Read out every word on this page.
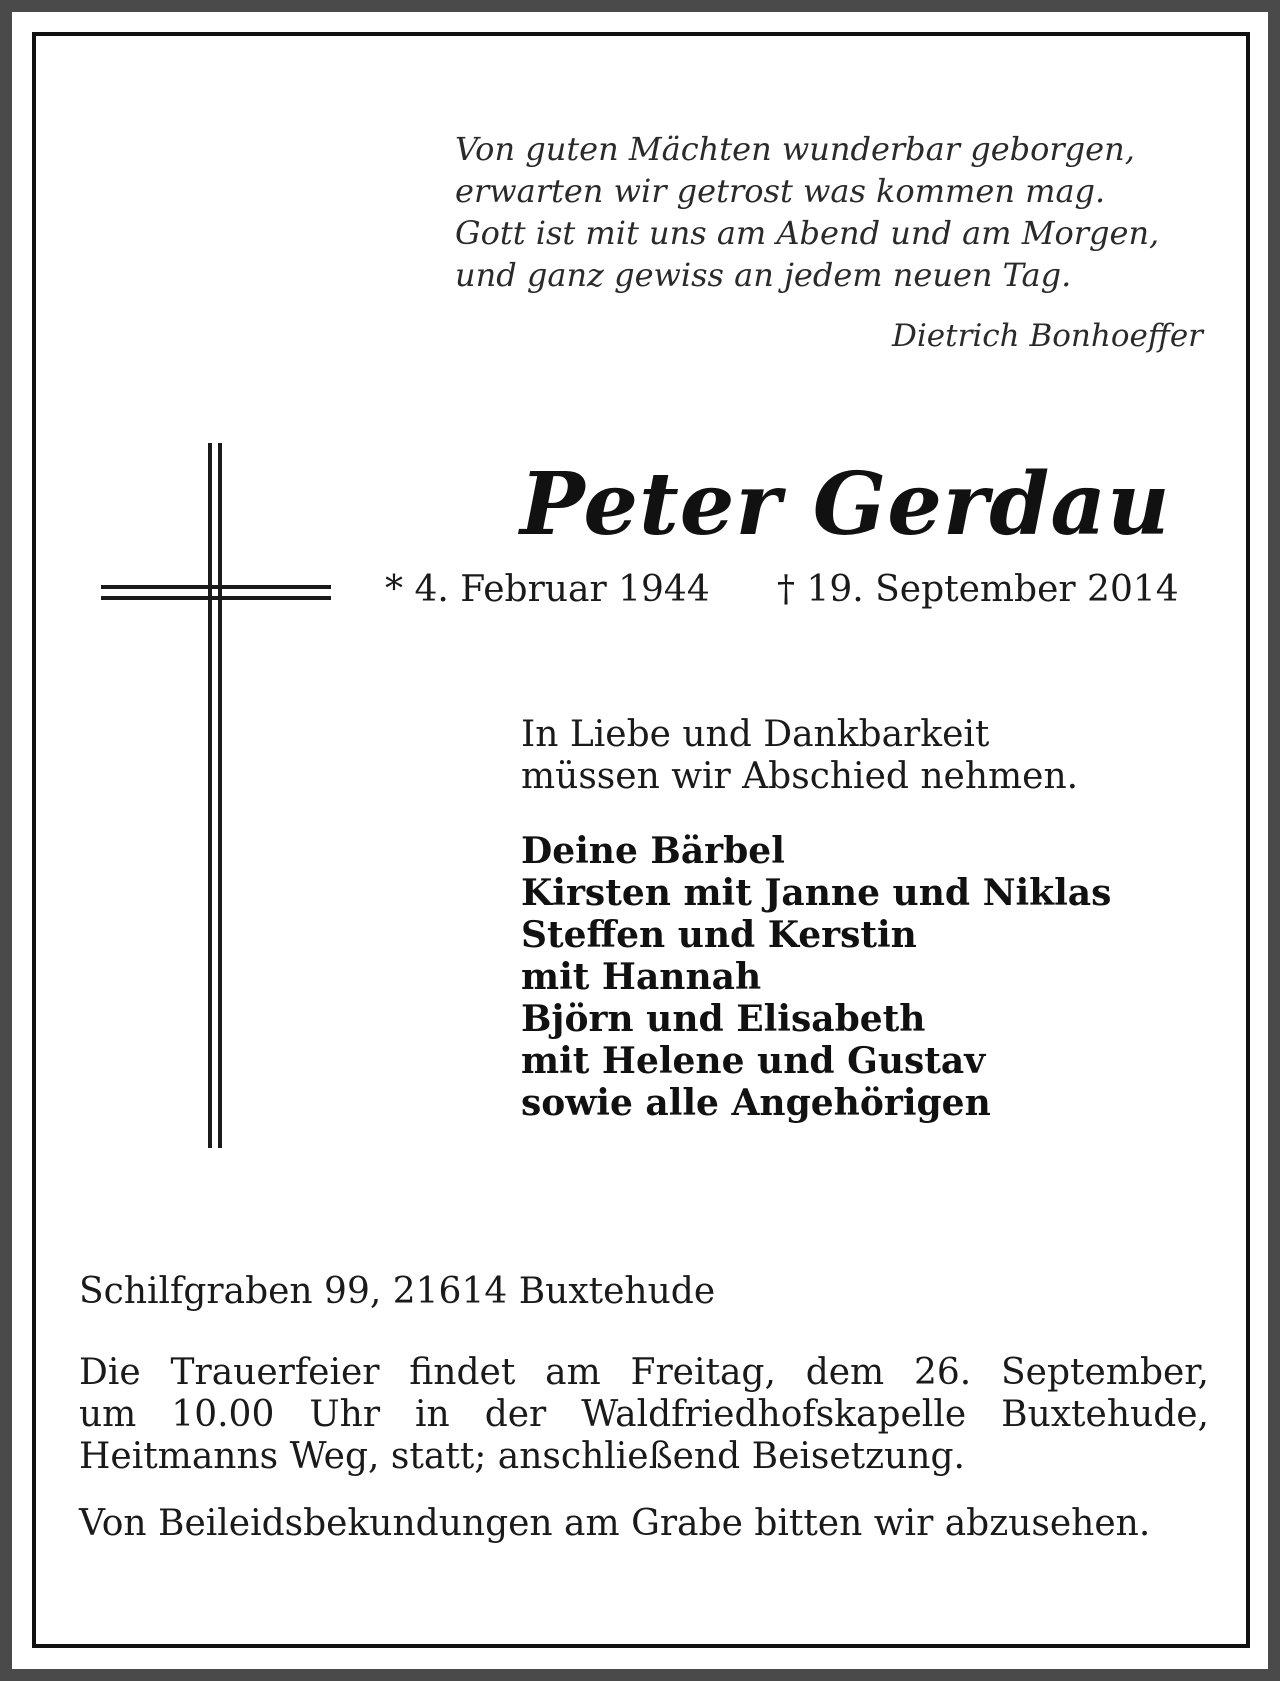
Von guten Mächten wunderbar geborgen,
erwarten wir getrost was kommen mag.
Gott ist mit uns am Abend und am Morgen,
und ganz gewiss an jedem neuen Tag.
Dietrich Bonhoeffer
Peter Gerdau
* 4. Februar 1944 † 19. September 2014
In Liebe und Dankbarkeit
müssen wir Abschied nehmen.
Deine Bärbel
Kirsten mit Janne und Niklas
Steffen und Kerstin
mit Hannah
Björn und Elisabeth
mit Helene und Gustav
sowie alle Angehörigen
Schilfgraben 99, 21614 Buxtehude
Die Trauerfeier findet am Freitag, dem 26. September,
um 10.00 Uhr in der Waldfriedhofskapelle Buxtehude,
Heitmanns Weg, statt; anschließend Beisetzung.
Von Beileidsbekundungen am Grabe bitten wir abzusehen.
